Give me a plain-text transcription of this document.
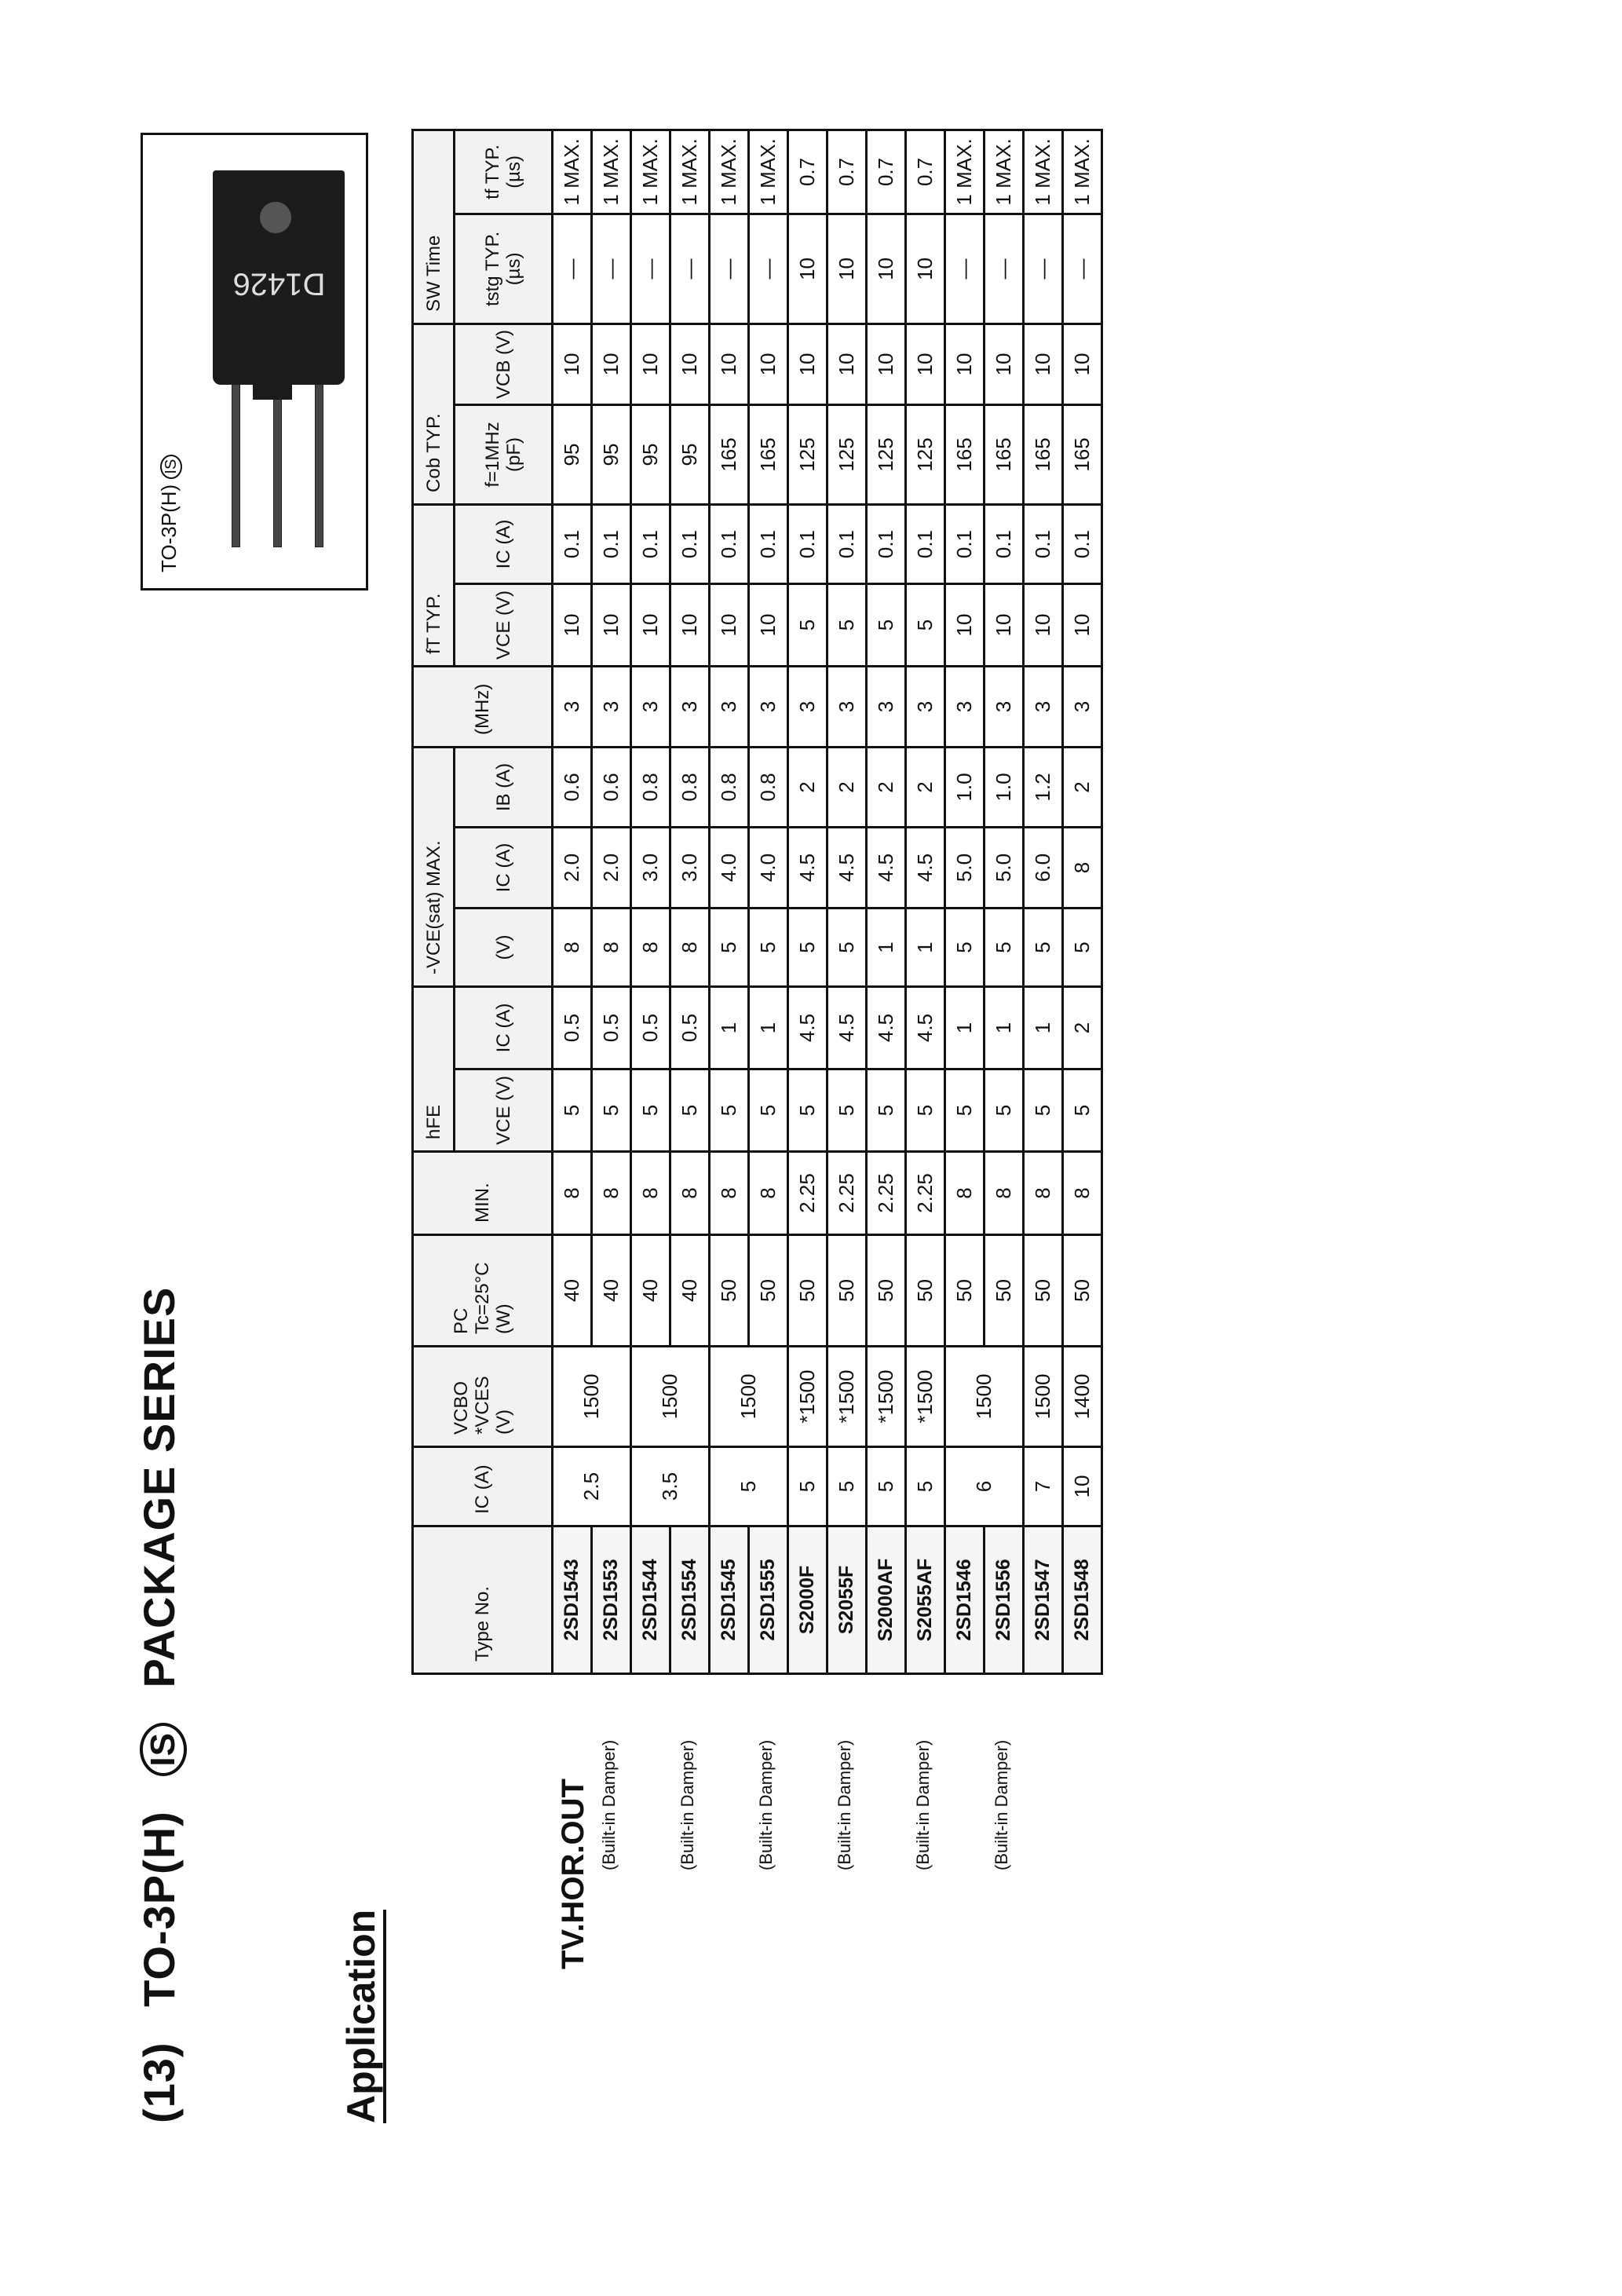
(13) TO-3P(H) IS PACKAGE SERIES
Application
TV.HOR.OUT (Built-in Damper)	(Built-in Damper)	(Built-in Damper)	(Built-in Damper)	(Built-in Damper)	(Built-in Damper)
Type No.	IC (A)	VCBO *VCES (V)	PC Tc=25°C (W)	MIN.	hFE		-VCE(sat) MAX.			(MHz)	fT TYP.		Cob TYP.		SW Time	
					VCE (V)	IC (A)	(V)	IC (A)	IB (A)		VCE (V)	IC (A)	f=1MHz (pF)	VCB (V)	tstg TYP. (µs)	tf TYP. (µs)
2SD1543	2.5	1500	40	8	5	0.5	8	2.0	0.6	3	10	0.1	95	10	—	1 MAX.
2SD1553			40	8	5	0.5	8	2.0	0.6	3	10	0.1	95	10	—	1 MAX.
2SD1544	3.5	1500	40	8	5	0.5	8	3.0	0.8	3	10	0.1	95	10	—	1 MAX.
2SD1554			40	8	5	0.5	8	3.0	0.8	3	10	0.1	95	10	—	1 MAX.
2SD1545	5	1500	50	8	5	1	5	4.0	0.8	3	10	0.1	165	10	—	1 MAX.
2SD1555			50	8	5	1	5	4.0	0.8	3	10	0.1	165	10	—	1 MAX.
S2000F	5	*1500	50	2.25	5	4.5	5	4.5	2	3	5	0.1	125	10	10	0.7
S2055F	5	*1500	50	2.25	5	4.5	5	4.5	2	3	5	0.1	125	10	10	0.7
S2000AF	5	*1500	50	2.25	5	4.5	1	4.5	2	3	5	0.1	125	10	10	0.7
S2055AF	5	*1500	50	2.25	5	4.5	1	4.5	2	3	5	0.1	125	10	10	0.7
2SD1546	6	1500	50	8	5	1	5	5.0	1.0	3	10	0.1	165	10	—	1 MAX.
2SD1556			50	8	5	1	5	5.0	1.0	3	10	0.1	165	10	—	1 MAX.
2SD1547	7	1500	50	8	5	1	5	6.0	1.2	3	10	0.1	165	10	—	1 MAX.
2SD1548	10	1400	50	8	5	2	5	8	2	3	10	0.1	165	10	—	1 MAX.
TO-3P(H) IS
D1426
